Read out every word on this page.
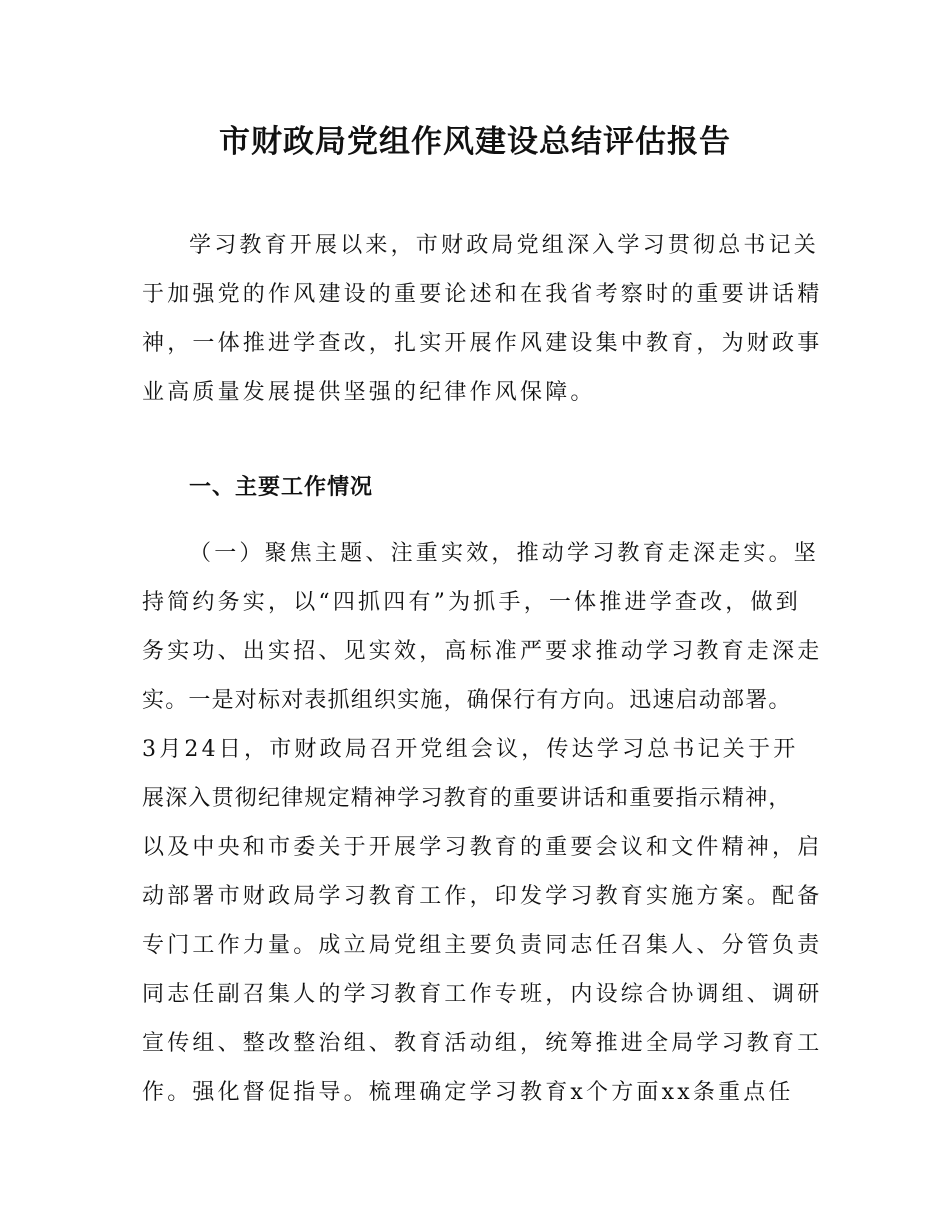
市财政局党组作风建设总结评估报告
学习教育开展以来，市财政局党组深入学习贯彻总书记关
于加强党的作风建设的重要论述和在我省考察时的重要讲话精
神，一体推进学查改，扎实开展作风建设集中教育，为财政事
业高质量发展提供坚强的纪律作风保障。
一、主要工作情况
（一）聚焦主题、注重实效，推动学习教育走深走实。坚
持简约务实，以“四抓四有”为抓手，一体推进学查改，做到
务实功、出实招、见实效，高标准严要求推动学习教育走深走
实。一是对标对表抓组织实施，确保行有方向。迅速启动部署。
3月24日，市财政局召开党组会议，传达学习总书记关于开
展深入贯彻纪律规定精神学习教育的重要讲话和重要指示精神，
以及中央和市委关于开展学习教育的重要会议和文件精神，启
动部署市财政局学习教育工作，印发学习教育实施方案。配备
专门工作力量。成立局党组主要负责同志任召集人、分管负责
同志任副召集人的学习教育工作专班，内设综合协调组、调研
宣传组、整改整治组、教育活动组，统筹推进全局学习教育工
作。强化督促指导。梳理确定学习教育x个方面xx条重点任
